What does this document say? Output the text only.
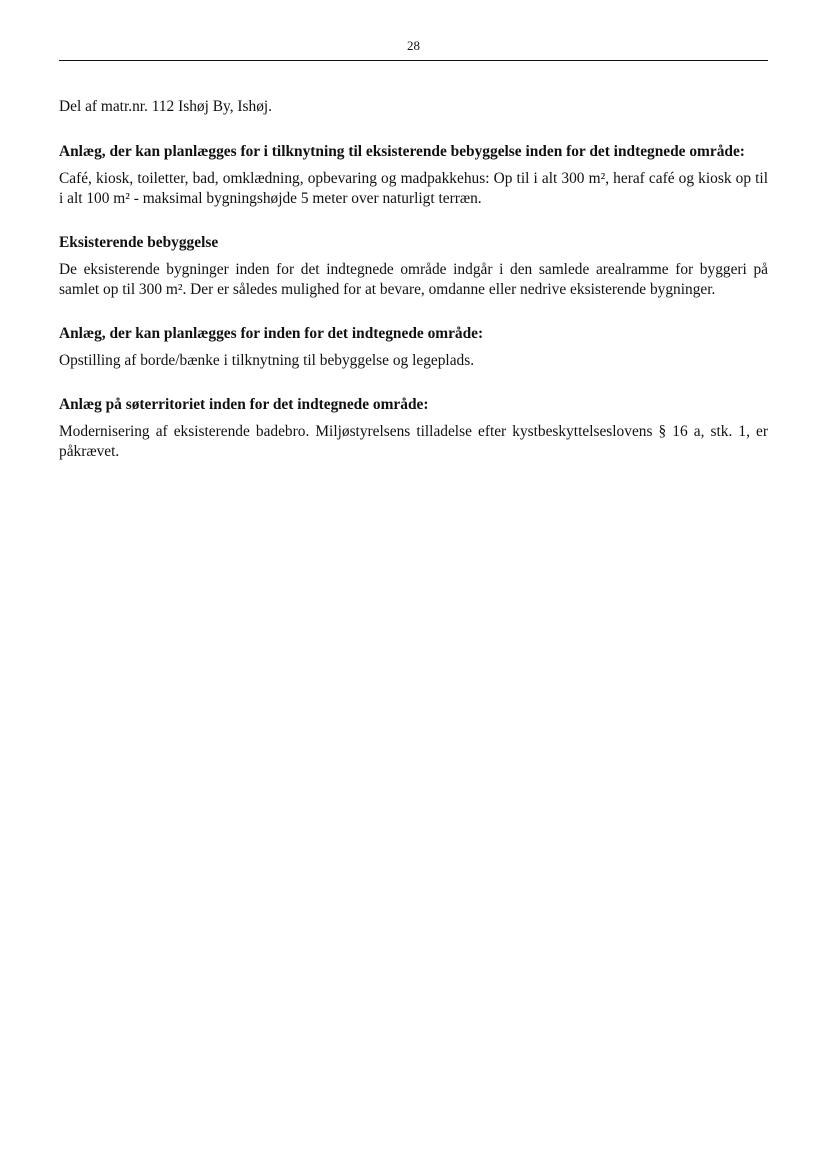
28

Del af matr.nr. 112 Ishøj By, Ishøj.

Anlæg, der kan planlægges for i tilknytning til eksisterende bebyggelse inden for det indtegnede område:

Café, kiosk, toiletter, bad, omklædning, opbevaring og madpakkehus: Op til i alt 300 m², heraf café og kiosk op til i alt 100 m² - maksimal bygningshøjde 5 meter over naturligt terræn.

Eksisterende bebyggelse

De eksisterende bygninger inden for det indtegnede område indgår i den samlede arealramme for byggeri på samlet op til 300 m². Der er således mulighed for at bevare, omdanne eller nedrive eksisterende bygninger.

Anlæg, der kan planlægges for inden for det indtegnede område:

Opstilling af borde/bænke i tilknytning til bebyggelse og legeplads.

Anlæg på søterritoriet inden for det indtegnede område:

Modernisering af eksisterende badebro. Miljøstyrelsens tilladelse efter kystbeskyttelseslovens § 16 a, stk. 1, er påkrævet.
